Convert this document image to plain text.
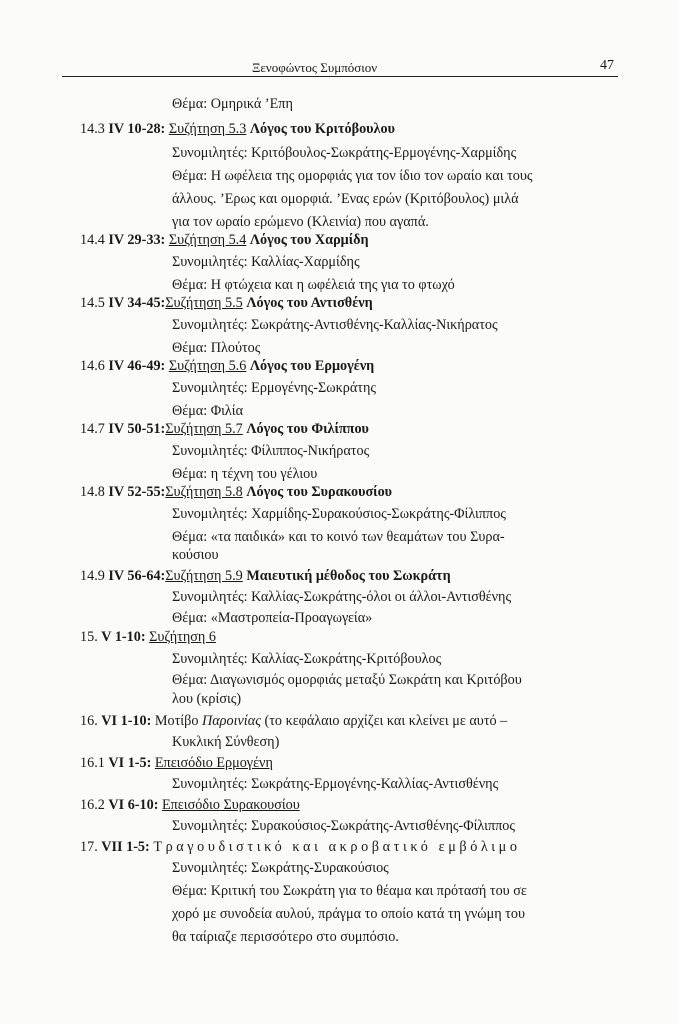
Ξενοφώντος Συμπόσιον	47
Θέμα: Ομηρικά ’Επη
14.3 IV 10-28: Συζήτηση 5.3 Λόγος του Κριτόβουλου
Συνομιλητές: Κριτόβουλος-Σωκράτης-Ερμογένης-Χαρμίδης
Θέμα: Η ωφέλεια της ομορφιάς για τον ίδιο τον ωραίο και τους
άλλους. ’Ερως και ομορφιά. ’Ενας ερών (Κριτόβουλος) μιλά
για τον ωραίο ερώμενο (Κλεινία) που αγαπά.
14.4 IV 29-33: Συζήτηση 5.4 Λόγος του Χαρμίδη
Συνομιλητές: Καλλίας-Χαρμίδης
Θέμα: Η φτώχεια και η ωφέλειά της για το φτωχό
14.5 IV 34-45:Συζήτηση 5.5 Λόγος του Αντισθένη
Συνομιλητές: Σωκράτης-Αντισθένης-Καλλίας-Νικήρατος
Θέμα: Πλούτος
14.6 IV 46-49: Συζήτηση 5.6 Λόγος του Ερμογένη
Συνομιλητές: Ερμογένης-Σωκράτης
Θέμα: Φιλία
14.7 IV 50-51:Συζήτηση 5.7 Λόγος του Φιλίππου
Συνομιλητές: Φίλιππος-Νικήρατος
Θέμα: η τέχνη του γέλιου
14.8 IV 52-55:Συζήτηση 5.8 Λόγος του Συρακουσίου
Συνομιλητές: Χαρμίδης-Συρακούσιος-Σωκράτης-Φίλιππος
Θέμα: «τα παιδικά» και το κοινό των θεαμάτων του Συρα-
κούσιου
14.9 IV 56-64:Συζήτηση 5.9 Μαιευτική μέθοδος του Σωκράτη
Συνομιλητές: Καλλίας-Σωκράτης-όλοι οι άλλοι-Αντισθένης
Θέμα: «Μαστροπεία-Προαγωγεία»
15. V 1-10: Συζήτηση 6
Συνομιλητές: Καλλίας-Σωκράτης-Κριτόβουλος
Θέμα: Διαγωνισμός ομορφιάς μεταξύ Σωκράτη και Κριτόβου
λου (κρίσις)
16. VI 1-10: Μοτίβο Παροινίας (το κεφάλαιο αρχίζει και κλείνει με αυτό –
Κυκλική Σύνθεση)
16.1 VI 1-5: Επεισόδιο Ερμογένη
Συνομιλητές: Σωκράτης-Ερμογένης-Καλλίας-Αντισθένης
16.2 VI 6-10: Επεισόδιο Συρακουσίου
Συνομιλητές: Συρακούσιος-Σωκράτης-Αντισθένης-Φίλιππος
17. VII 1-5: Τραγουδιστικό και ακροβατικό εμβόλιμο
Συνομιλητές: Σωκράτης-Συρακούσιος
Θέμα: Κριτική του Σωκράτη για το θέαμα και πρότασή του σε
χορό με συνοδεία αυλού, πράγμα το οποίο κατά τη γνώμη του
θα ταίριαζε περισσότερο στο συμπόσιο.
